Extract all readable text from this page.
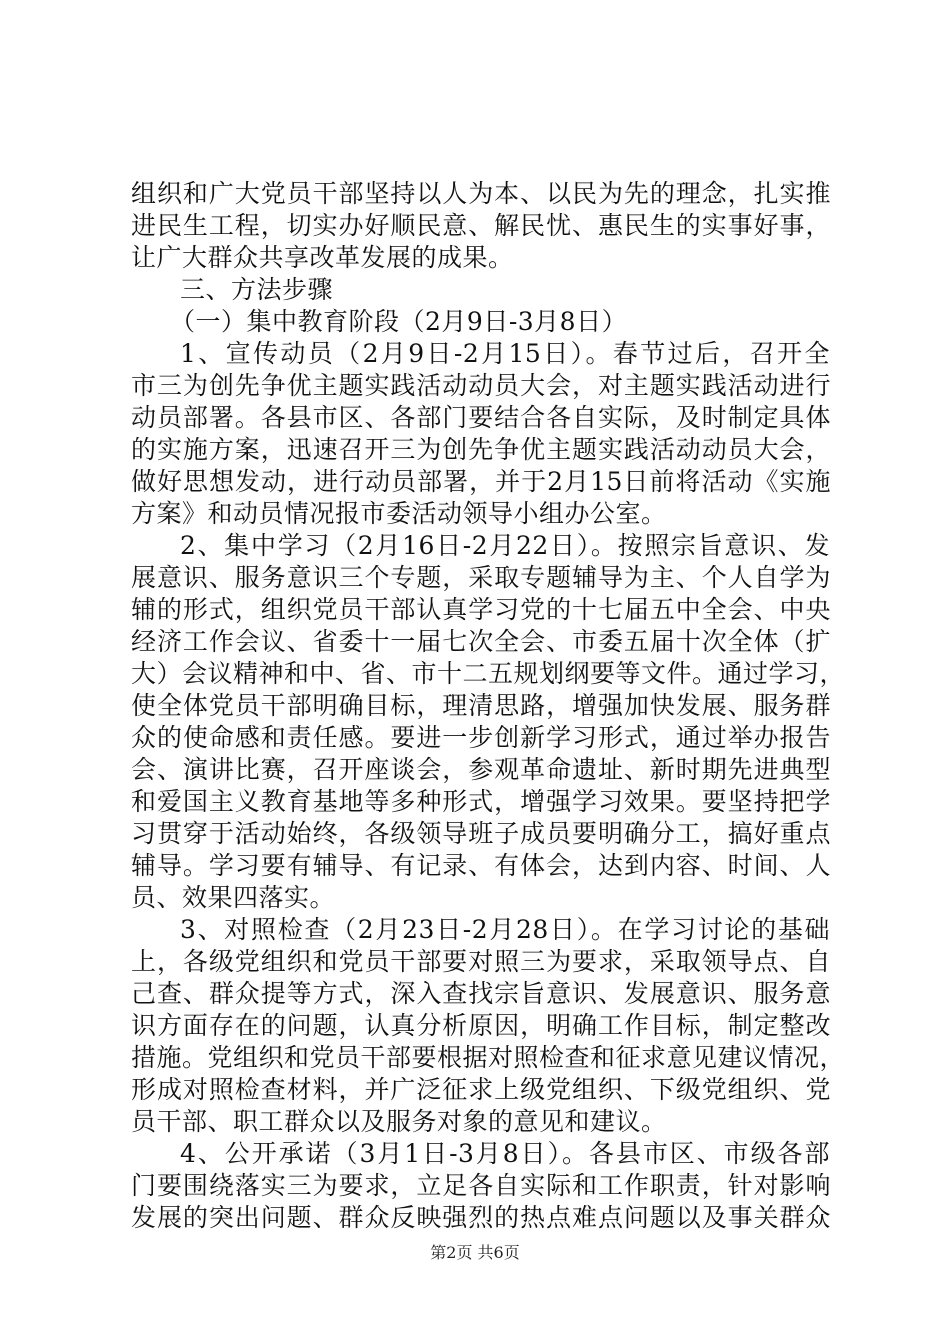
组织和广大党员干部坚持以人为本、以民为先的理念，扎实推
进民生工程，切实办好顺民意、解民忧、惠民生的实事好事，
让广大群众共享改革发展的成果。
三、方法步骤
（一）集中教育阶段（2月9日-3月8日）
1、宣传动员（2月9日-2月15日）。春节过后，召开全
市三为创先争优主题实践活动动员大会，对主题实践活动进行
动员部署。各县市区、各部门要结合各自实际，及时制定具体
的实施方案，迅速召开三为创先争优主题实践活动动员大会，
做好思想发动，进行动员部署，并于2月15日前将活动《实施
方案》和动员情况报市委活动领导小组办公室。
2、集中学习（2月16日-2月22日）。按照宗旨意识、发
展意识、服务意识三个专题，采取专题辅导为主、个人自学为
辅的形式，组织党员干部认真学习党的十七届五中全会、中央
经济工作会议、省委十一届七次全会、市委五届十次全体（扩
大）会议精神和中、省、市十二五规划纲要等文件。通过学习，
使全体党员干部明确目标，理清思路，增强加快发展、服务群
众的使命感和责任感。要进一步创新学习形式，通过举办报告
会、演讲比赛，召开座谈会，参观革命遗址、新时期先进典型
和爱国主义教育基地等多种形式，增强学习效果。要坚持把学
习贯穿于活动始终，各级领导班子成员要明确分工，搞好重点
辅导。学习要有辅导、有记录、有体会，达到内容、时间、人
员、效果四落实。
3、对照检查（2月23日-2月28日）。在学习讨论的基础
上，各级党组织和党员干部要对照三为要求，采取领导点、自
己查、群众提等方式，深入查找宗旨意识、发展意识、服务意
识方面存在的问题，认真分析原因，明确工作目标，制定整改
措施。党组织和党员干部要根据对照检查和征求意见建议情况，
形成对照检查材料，并广泛征求上级党组织、下级党组织、党
员干部、职工群众以及服务对象的意见和建议。
4、公开承诺（3月1日-3月8日）。各县市区、市级各部
门要围绕落实三为要求，立足各自实际和工作职责，针对影响
发展的突出问题、群众反映强烈的热点难点问题以及事关群众
第2页 共6页
